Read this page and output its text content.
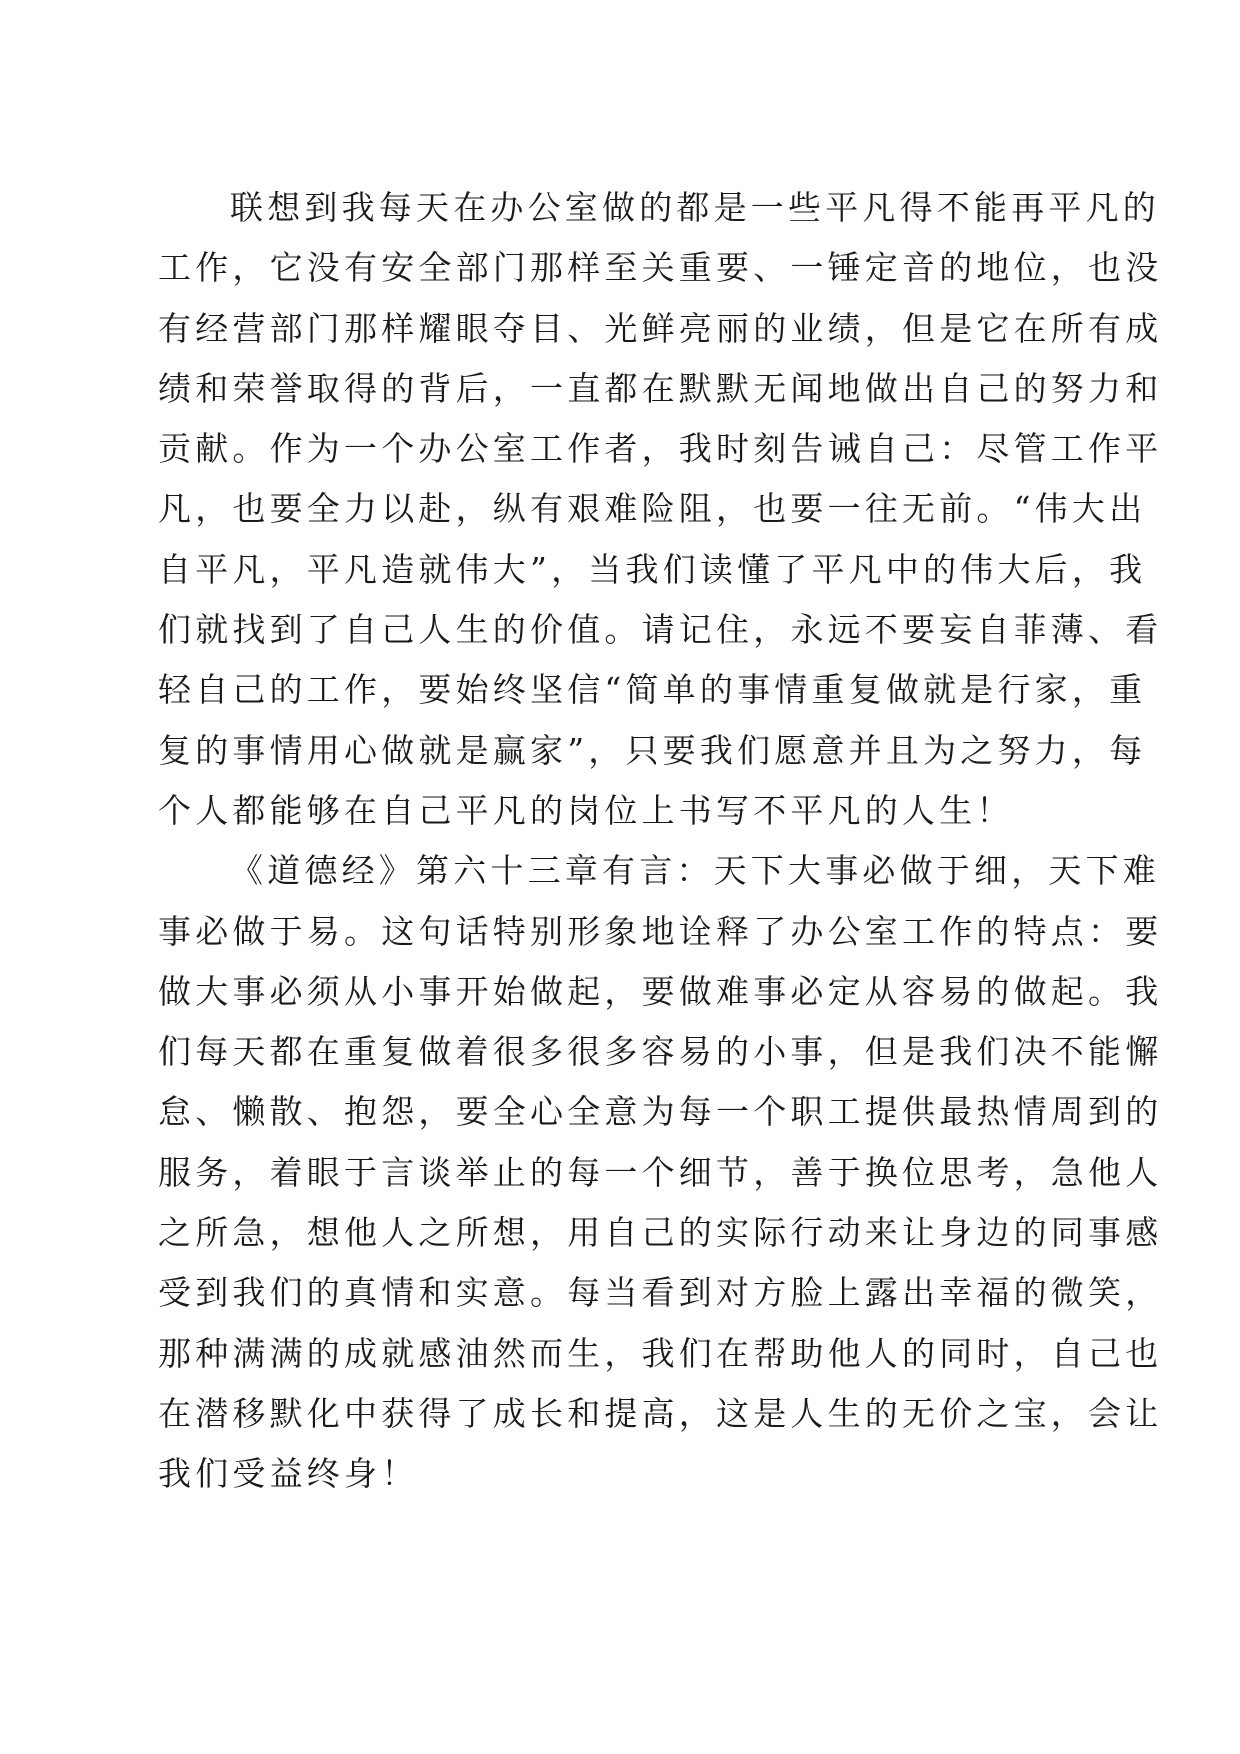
联想到我每天在办公室做的都是一些平凡得不能再平凡的
工作，它没有安全部门那样至关重要、一锤定音的地位，也没
有经营部门那样耀眼夺目、光鲜亮丽的业绩，但是它在所有成
绩和荣誉取得的背后，一直都在默默无闻地做出自己的努力和
贡献。作为一个办公室工作者，我时刻告诫自己：尽管工作平
凡，也要全力以赴，纵有艰难险阻，也要一往无前。“伟大出
自平凡，平凡造就伟大”，当我们读懂了平凡中的伟大后，我
们就找到了自己人生的价值。请记住，永远不要妄自菲薄、看
轻自己的工作，要始终坚信“简单的事情重复做就是行家，重
复的事情用心做就是赢家”，只要我们愿意并且为之努力，每
个人都能够在自己平凡的岗位上书写不平凡的人生！
《道德经》第六十三章有言：天下大事必做于细，天下难
事必做于易。这句话特别形象地诠释了办公室工作的特点：要
做大事必须从小事开始做起，要做难事必定从容易的做起。我
们每天都在重复做着很多很多容易的小事，但是我们决不能懈
怠、懒散、抱怨，要全心全意为每一个职工提供最热情周到的
服务，着眼于言谈举止的每一个细节，善于换位思考，急他人
之所急，想他人之所想，用自己的实际行动来让身边的同事感
受到我们的真情和实意。每当看到对方脸上露出幸福的微笑，
那种满满的成就感油然而生，我们在帮助他人的同时，自己也
在潜移默化中获得了成长和提高，这是人生的无价之宝，会让
我们受益终身！
